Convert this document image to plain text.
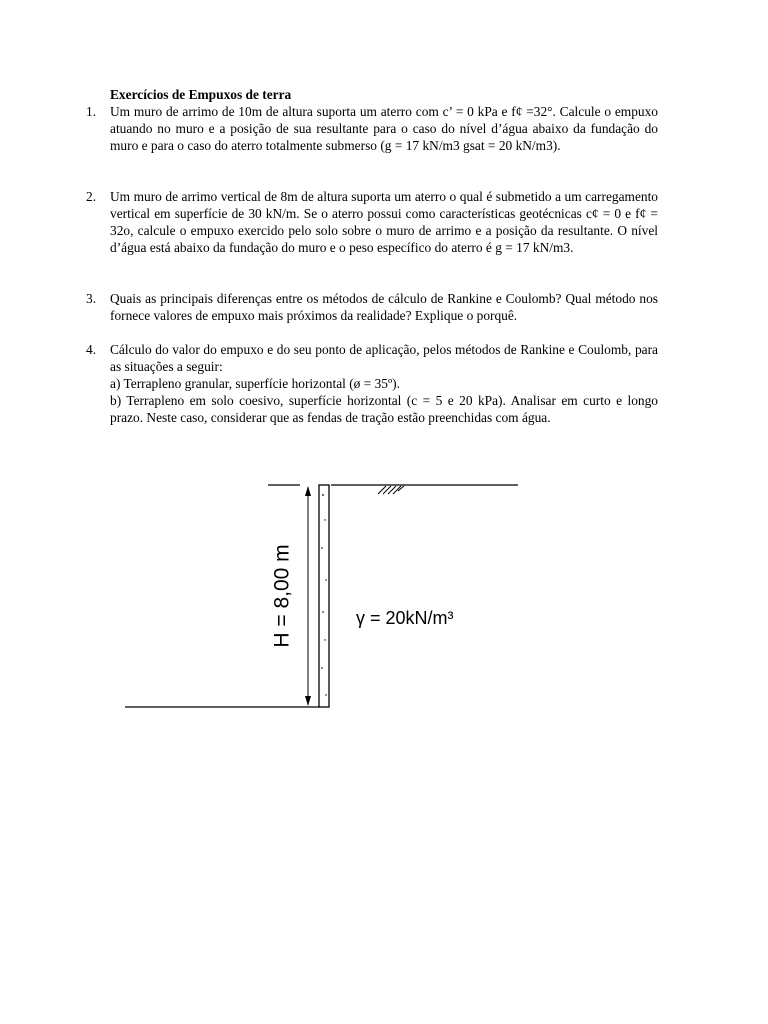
Exercícios de Empuxos de terra
1.	Um muro de arrimo de 10m de altura suporta um aterro com c’ = 0 kPa e f¢ =32°. Calcule o empuxo atuando no muro e a posição de sua resultante para o caso do nível d’água abaixo da fundação do muro e para o caso do aterro totalmente submerso (g = 17 kN/m3 gsat = 20 kN/m3).
2.	Um muro de arrimo vertical de 8m de altura suporta um aterro o qual é submetido a um carregamento vertical em superfície de 30 kN/m. Se o aterro possui como características geotécnicas c¢ = 0 e f¢ = 32o, calcule o empuxo exercido pelo solo sobre o muro de arrimo e a posição da resultante. O nível d’água está abaixo da fundação do muro e o peso específico do aterro é g = 17 kN/m3.
3.	Quais as principais diferenças entre os métodos de cálculo de Rankine e Coulomb? Qual método nos fornece valores de empuxo mais próximos da realidade? Explique o porquê.
4.	Cálculo do valor do empuxo e do seu ponto de aplicação, pelos métodos de Rankine e Coulomb, para as situações a seguir:
a) Terrapleno granular, superfície horizontal (ø = 35º).
b) Terrapleno em solo coesivo, superfície horizontal (c = 5 e 20 kPa). Analisar em curto e longo prazo. Neste caso, considerar que as fendas de tração estão preenchidas com água.
H = 8,00 m	γ = 20kN/m³
